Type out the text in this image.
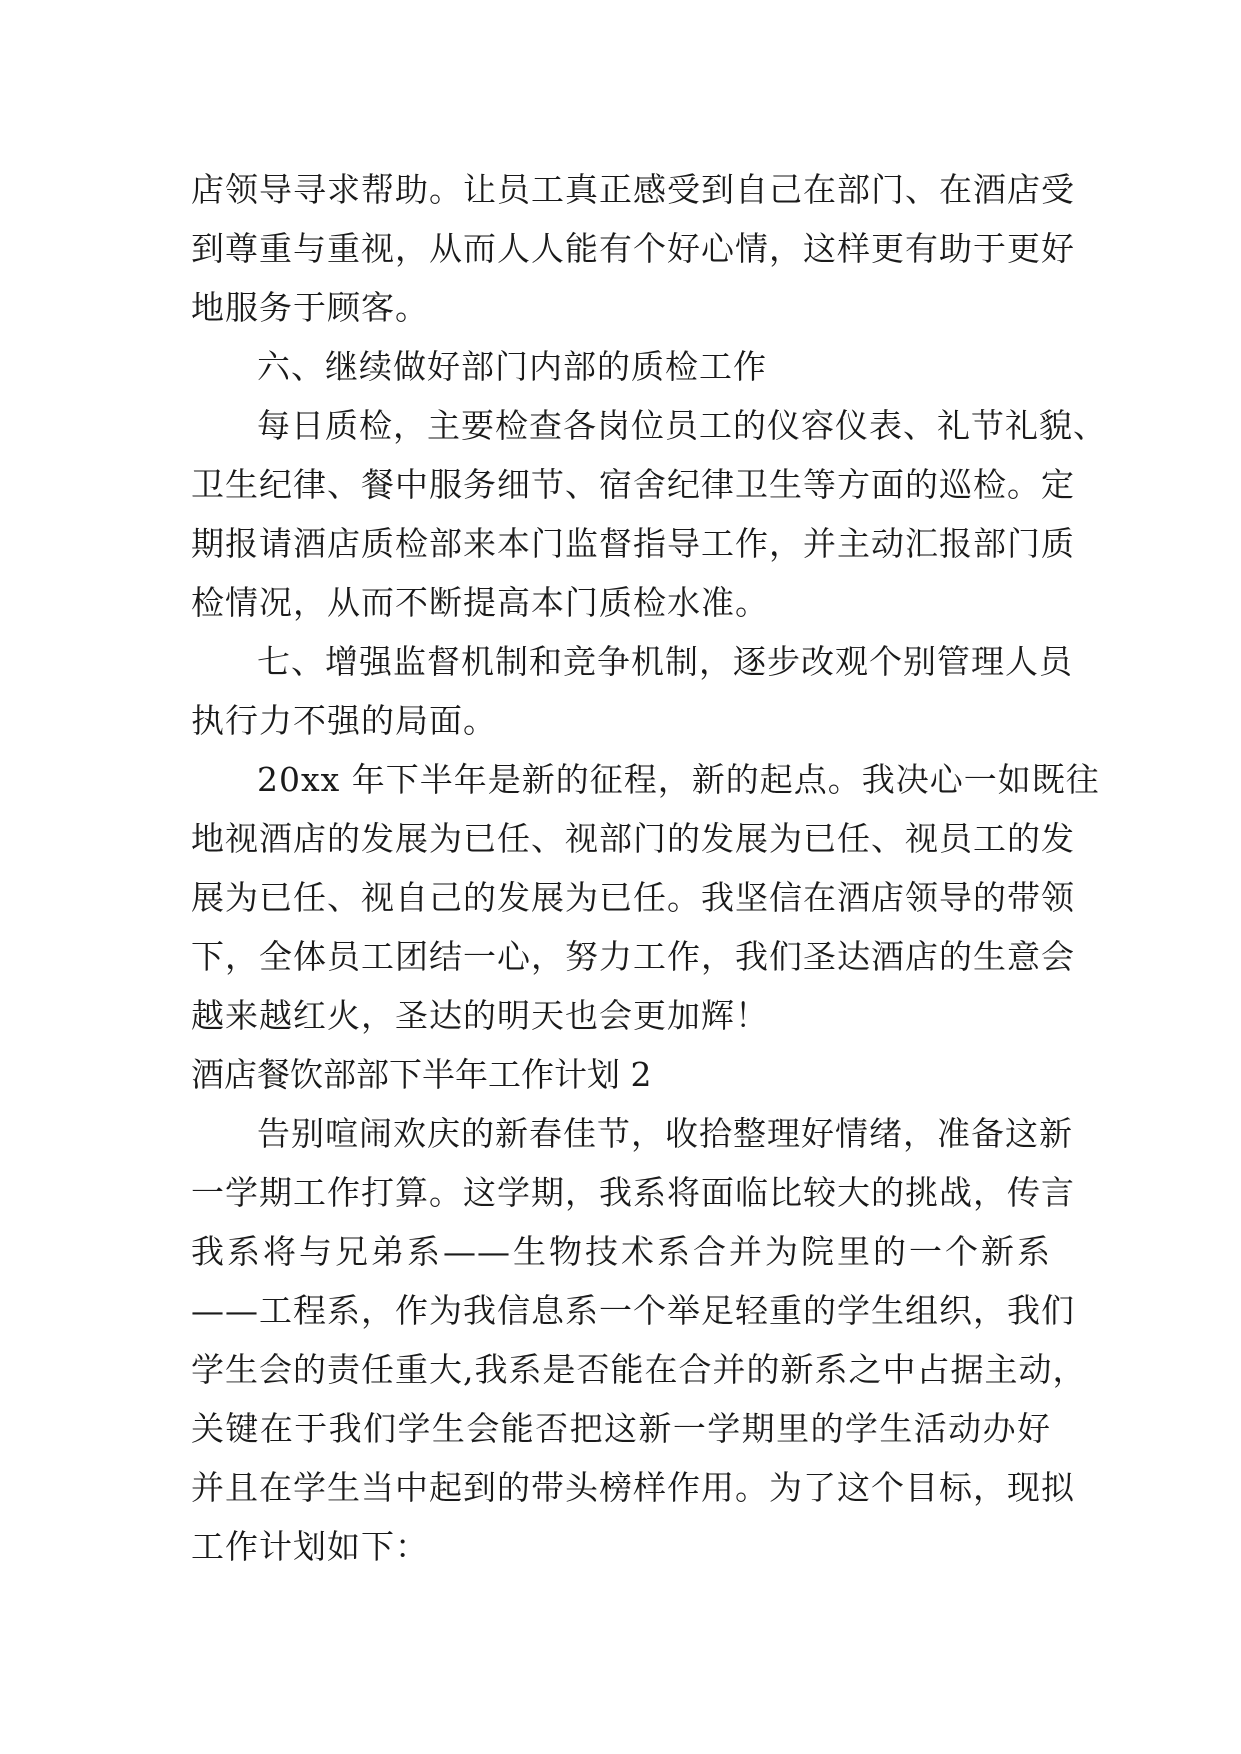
店领导寻求帮助。让员工真正感受到自己在部门、在酒店受
到尊重与重视，从而人人能有个好心情，这样更有助于更好
地服务于顾客。
六、继续做好部门内部的质检工作
每日质检，主要检查各岗位员工的仪容仪表、礼节礼貌、
卫生纪律、餐中服务细节、宿舍纪律卫生等方面的巡检。定
期报请酒店质检部来本门监督指导工作，并主动汇报部门质
检情况，从而不断提高本门质检水准。
七、增强监督机制和竞争机制，逐步改观个别管理人员
执行力不强的局面。
20xx 年下半年是新的征程，新的起点。我决心一如既往
地视酒店的发展为已任、视部门的发展为已任、视员工的发
展为已任、视自己的发展为已任。我坚信在酒店领导的带领
下，全体员工团结一心，努力工作，我们圣达酒店的生意会
越来越红火，圣达的明天也会更加辉！
酒店餐饮部部下半年工作计划 2
告别喧闹欢庆的新春佳节，收拾整理好情绪，准备这新
一学期工作打算。这学期，我系将面临比较大的挑战，传言
我系将与兄弟系——生物技术系合并为院里的一个新系
——工程系，作为我信息系一个举足轻重的学生组织，我们
学生会的责任重大,我系是否能在合并的新系之中占据主动，
关键在于我们学生会能否把这新一学期里的学生活动办好
并且在学生当中起到的带头榜样作用。为了这个目标，现拟
工作计划如下：
